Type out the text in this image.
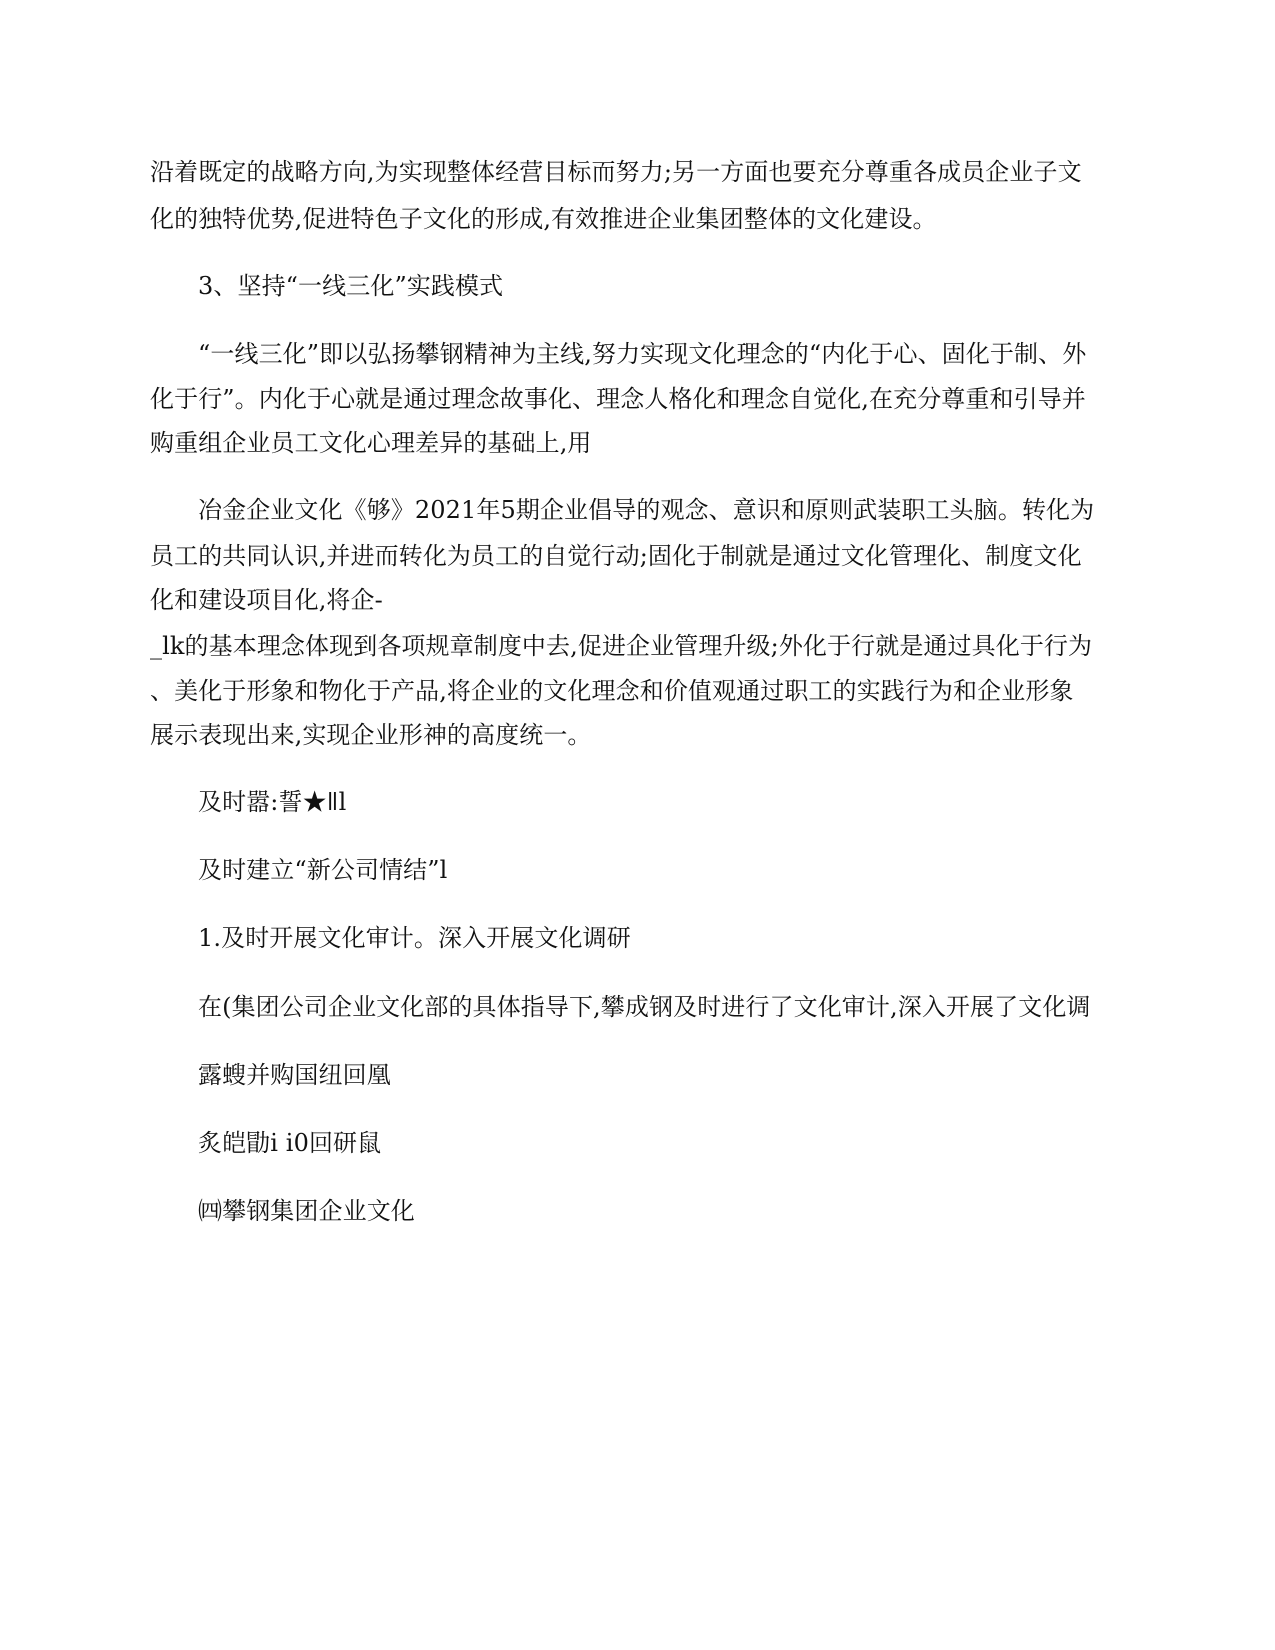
沿着既定的战略方向,为实现整体经营目标而努力;另一方面也要充分尊重各成员企业子文
化的独特优势,促进特色子文化的形成,有效推进企业集团整体的文化建设。
3、坚持“一线三化”实践模式
“一线三化”即以弘扬攀钢精神为主线,努力实现文化理念的“内化于心、固化于制、外
化于行”。内化于心就是通过理念故事化、理念人格化和理念自觉化,在充分尊重和引导并
购重组企业员工文化心理差异的基础上,用
冶金企业文化《够》2021年5期企业倡导的观念、意识和原则武装职工头脑。转化为
员工的共同认识,并进而转化为员工的自觉行动;固化于制就是通过文化管理化、制度文化
化和建设项目化,将企-
_lk的基本理念体现到各项规章制度中去,促进企业管理升级;外化于行就是通过具化于行为
、美化于形象和物化于产品,将企业的文化理念和价值观通过职工的实践行为和企业形象
展示表现出来,实现企业形神的高度统一。
及时嚣:誓★ǁl
及时建立“新公司情结”l
1.及时开展文化审计。深入开展文化调研
在(集团公司企业文化部的具体指导下,攀成钢及时进行了文化审计,深入开展了文化调
露螋并购国纽回凰
炙皑勖i i0回研鼠
㈣攀钢集团企业文化
